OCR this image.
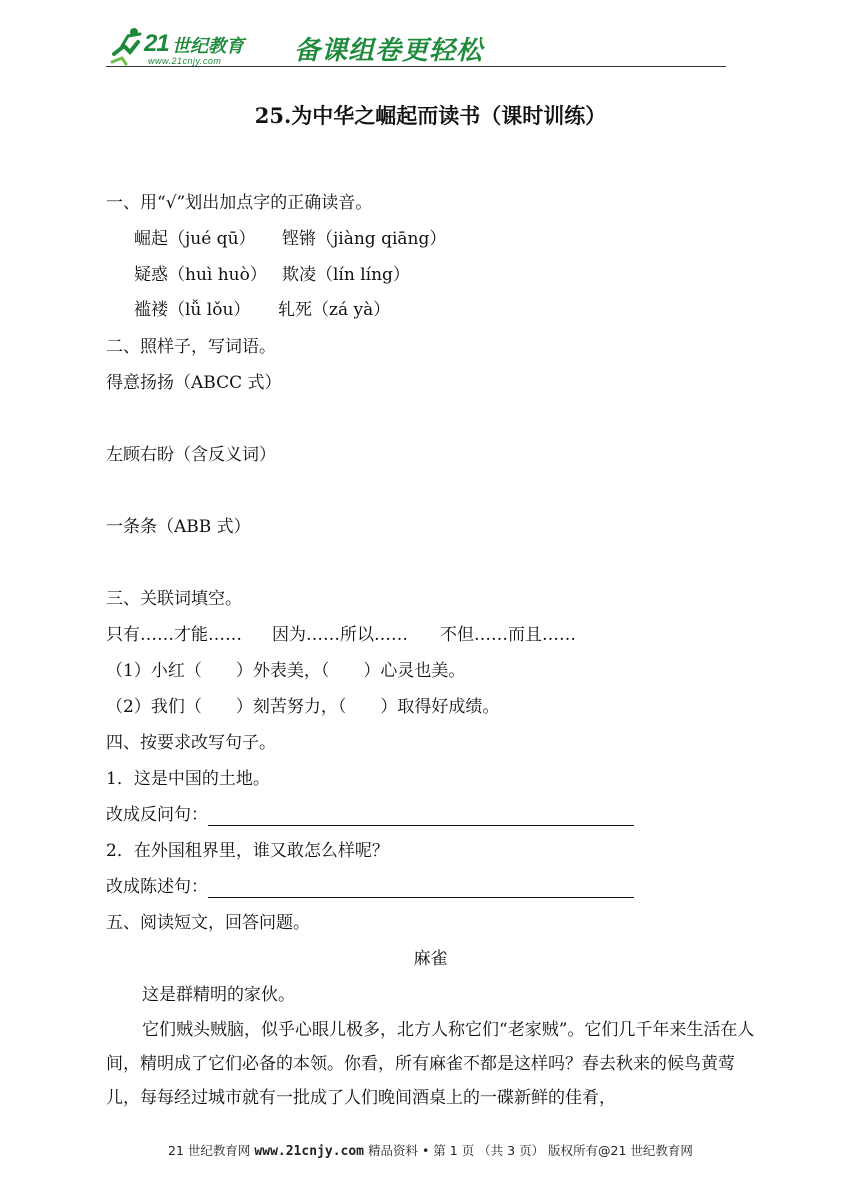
21 世纪教育
www.21cnjy.com	备课组卷更轻松
25.为中华之崛起而读书（课时训练）
一、用“√”划出加点字的正确读音。
崛起（jué qū） 铿锵（jiàng qiāng）
疑惑（huì huò） 欺凌（lín líng）
褴褛（lǚ lǒu） 轧死（zá yà）
二、照样子，写词语。
得意扬扬（ABCC 式）
左顾右盼（含反义词）
一条条（ABB 式）
三、关联词填空。
只有……才能…… 因为……所以…… 不但……而且……
（1）小红（　　）外表美，（　　）心灵也美。
（2）我们（　　）刻苦努力，（　　）取得好成绩。
四、按要求改写句子。
1．这是中国的土地。
改成反问句：
2．在外国租界里，谁又敢怎么样呢？
改成陈述句：
五、阅读短文，回答问题。
麻雀
这是群精明的家伙。
它们贼头贼脑，似乎心眼儿极多，北方人称它们“老家贼”。它们几千年来生活在人间，精明成了它们必备的本领。你看，所有麻雀不都是这样吗？春去秋来的候鸟黄莺儿，每每经过城市就有一批成了人们晚间酒桌上的一碟新鲜的佳肴，
21 世纪教育网 www.21cnjy.com 精品资料 • 第 1 页 （共 3 页） 版权所有@21 世纪教育网
